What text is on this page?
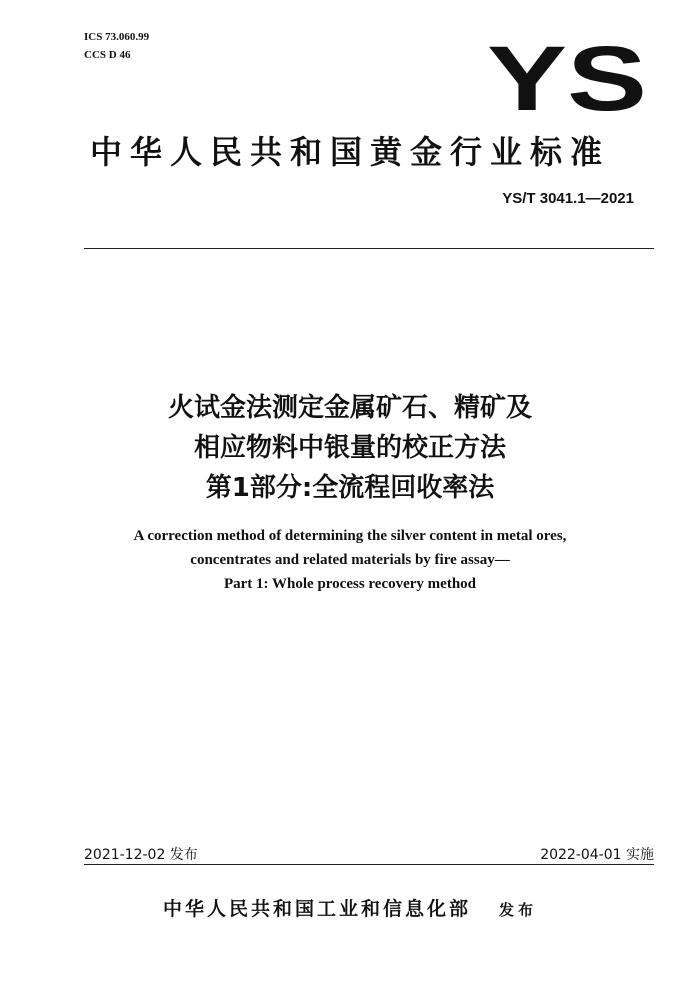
ICS 73.060.99
CCS D 46	YS
中华人民共和国黄金行业标准
YS/T 3041.1—2021
火试金法测定金属矿石、精矿及
相应物料中银量的校正方法
第1部分:全流程回收率法
A correction method of determining the silver content in metal ores,
concentrates and related materials by fire assay—
Part 1: Whole process recovery method
2021-12-02 发布	2022-04-01 实施
中华人民共和国工业和信息化部 发布
